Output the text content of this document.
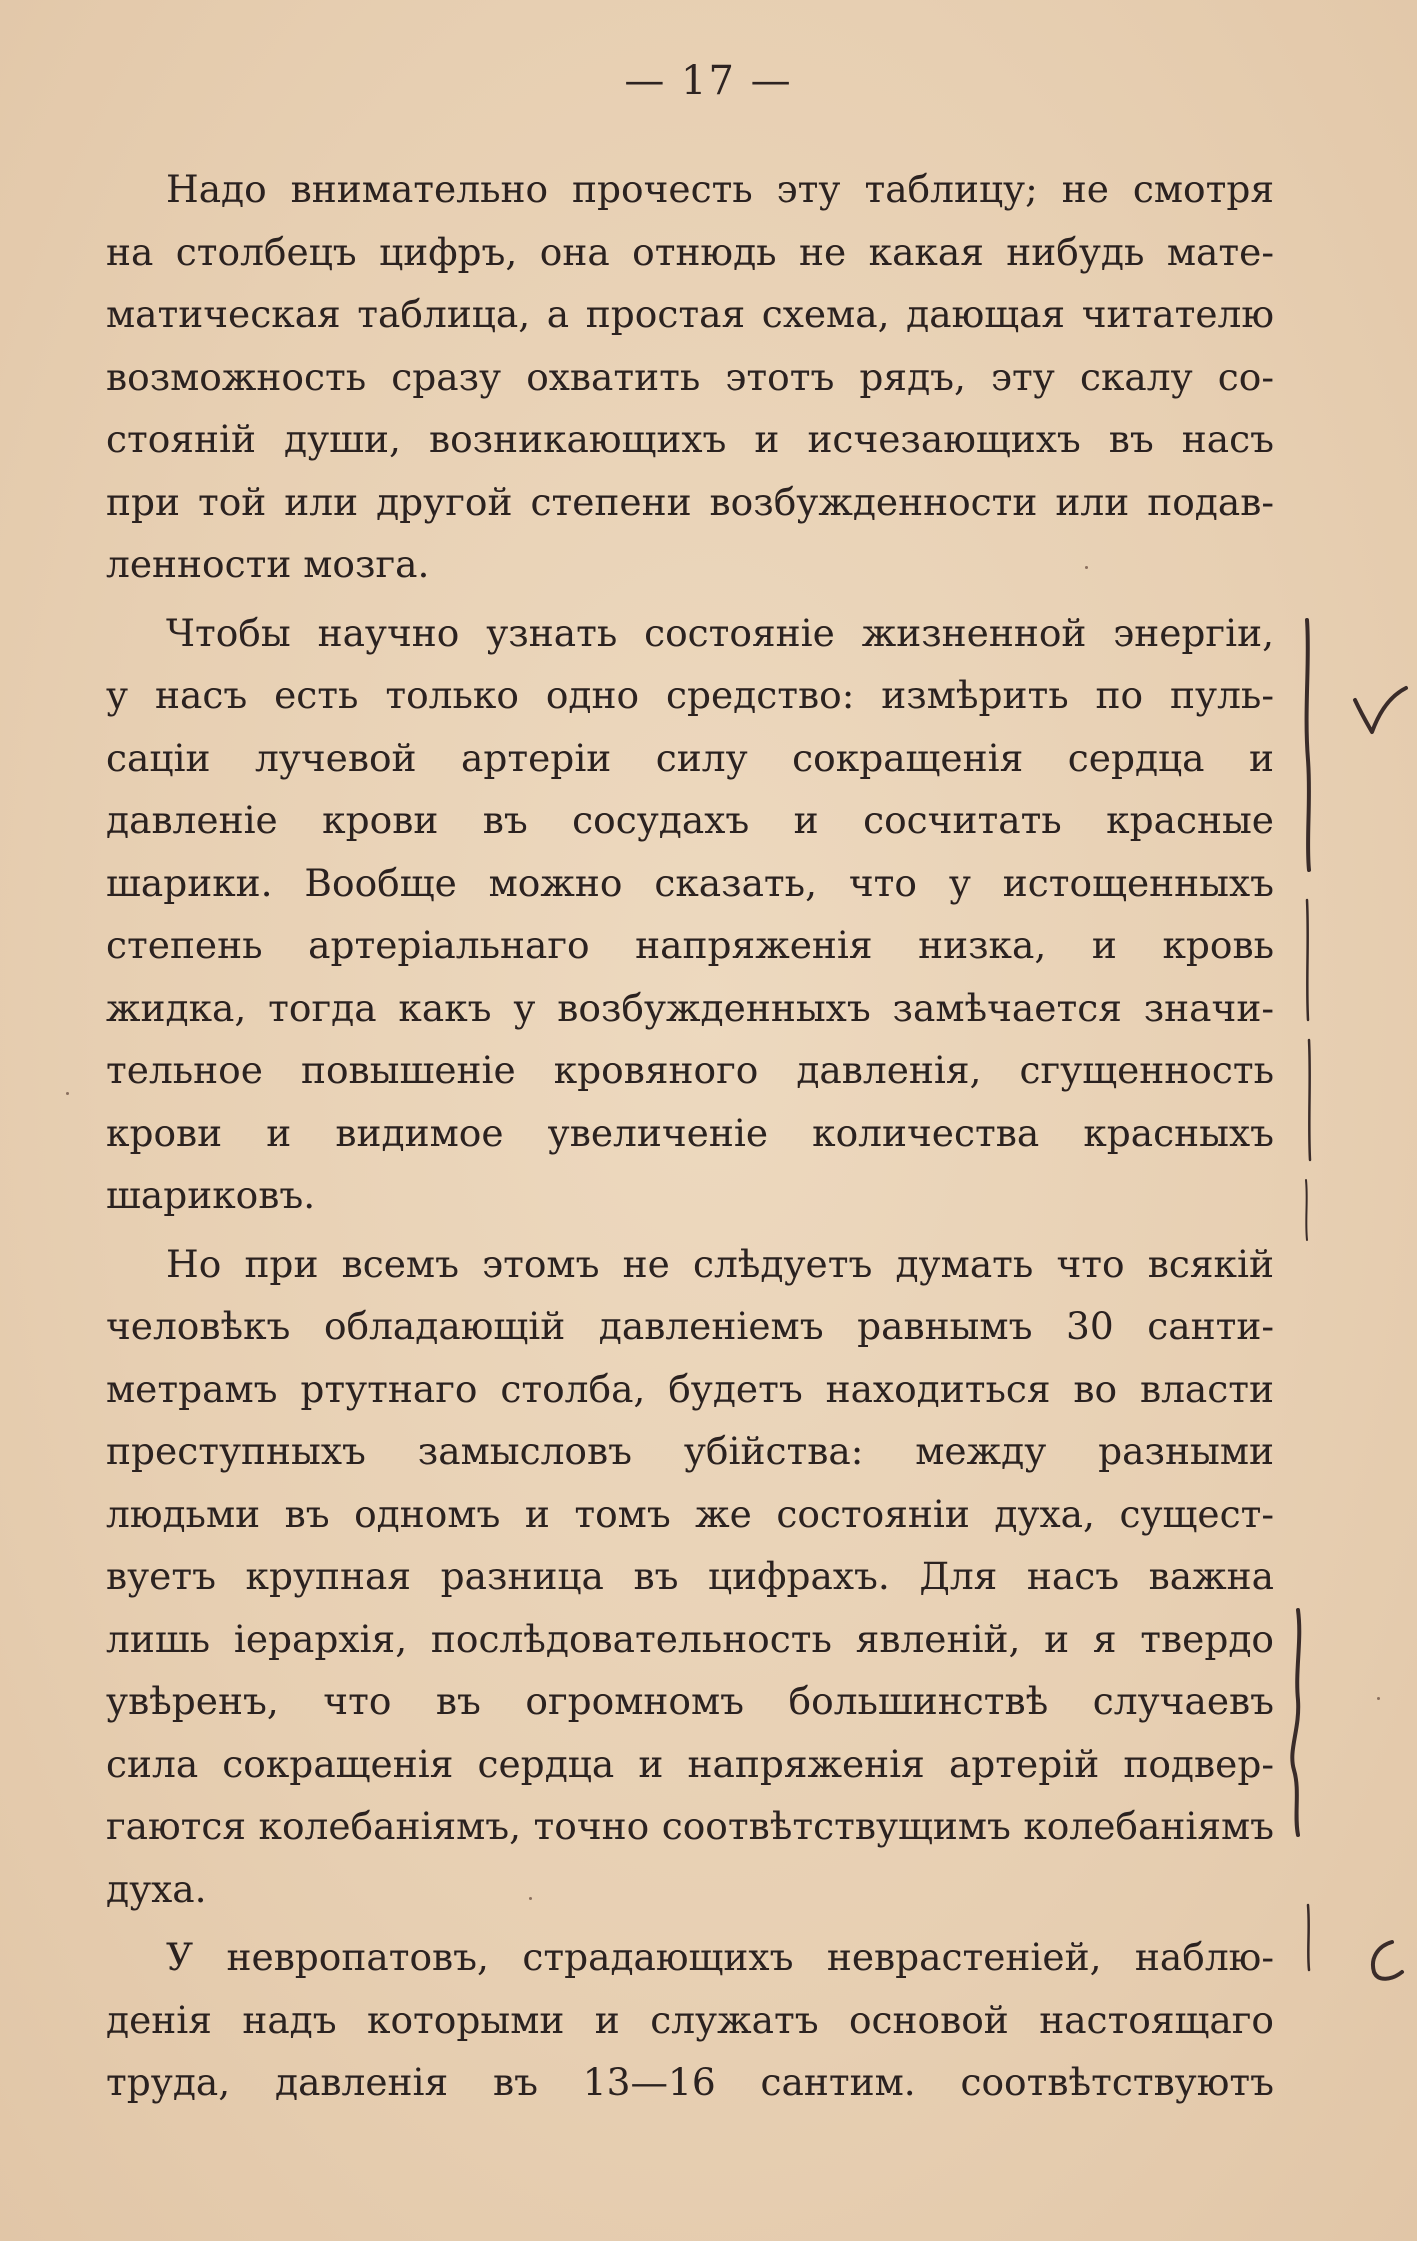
— 17 —
Надо внимательно прочесть эту таблицу; не смотря
на столбецъ цифръ, она отнюдь не какая нибудь мате-
матическая таблица, а простая схема, дающая читателю
возможность сразу охватить этотъ рядъ, эту скалу со-
стояній души, возникающихъ и исчезающихъ въ насъ
при той или другой степени возбужденности или подав-
ленности мозга.
Чтобы научно узнать состояніе жизненной энергіи,
у насъ есть только одно средство: измѣрить по пуль-
саціи лучевой артеріи силу сокращенія сердца и
давленіе крови въ сосудахъ и сосчитать красные
шарики. Вообще можно сказать, что у истощенныхъ
степень артеріальнаго напряженія низка, и кровь
жидка, тогда какъ у возбужденныхъ замѣчается значи-
тельное повышеніе кровяного давленія, сгущенность
крови и видимое увеличеніе количества красныхъ
шариковъ.
Но при всемъ этомъ не слѣдуетъ думать что всякій
человѣкъ обладающій давленіемъ равнымъ 30 санти-
метрамъ ртутнаго столба, будетъ находиться во власти
преступныхъ замысловъ убійства: между разными
людьми въ одномъ и томъ же состояніи духа, сущест-
вуетъ крупная разница въ цифрахъ. Для насъ важна
лишь іерархія, послѣдовательность явленій, и я твердо
увѣренъ, что въ огромномъ большинствѣ случаевъ
сила сокращенія сердца и напряженія артерій подвер-
гаются колебаніямъ, точно соотвѣтствущимъ колебаніямъ
духа.
У невропатовъ, страдающихъ неврастеніей, наблю-
денія надъ которыми и служатъ основой настоящаго
труда, давленія въ 13—16 сантим. соотвѣтствуютъ
